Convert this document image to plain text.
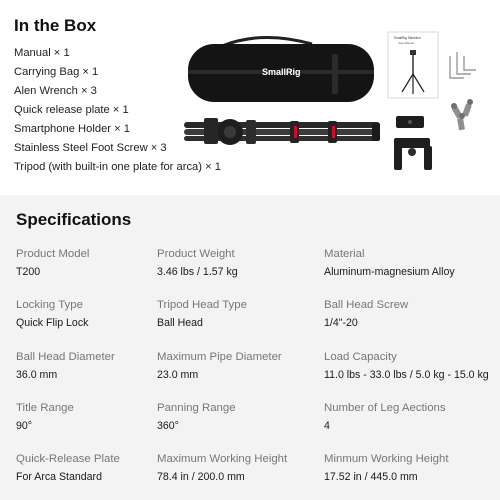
In the Box
Manual × 1
Carrying Bag × 1
Alen Wrench × 3
Quick release plate × 1
Smartphone Holder × 1
Stainless Steel Foot Screw × 3
Tripod (with built-in one plate for arca) × 1
SmallRig
SmallRig Selection
User Manual
Specifications
Product Model
T200
Product Weight
3.46 lbs / 1.57 kg
Material
Aluminum-magnesium Alloy
Locking Type
Quick Flip Lock
Tripod Head Type
Ball Head
Ball Head Screw
1/4"-20
Ball Head Diameter
36.0 mm
Maximum Pipe Diameter
23.0 mm
Load Capacity
11.0 lbs - 33.0 lbs / 5.0 kg - 15.0 kg
Title Range
90°
Panning Range
360°
Number of Leg Aections
4
Quick-Release Plate
For Arca Standard
Maximum Working Height
78.4 in / 200.0 mm
Minmum Working Height
17.52 in / 445.0 mm
